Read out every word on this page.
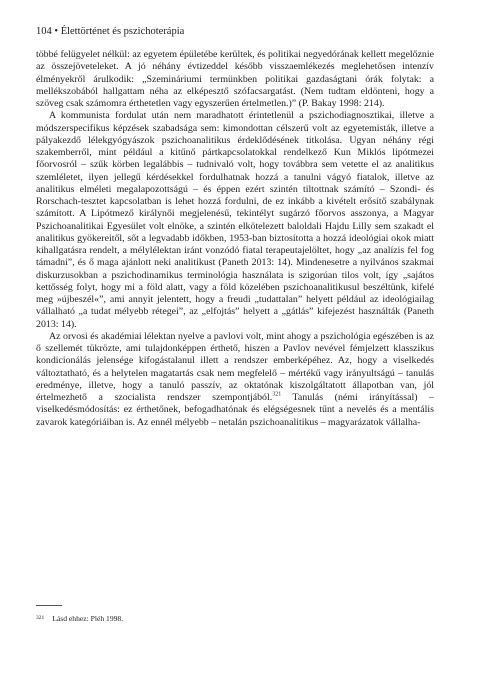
104 • Élettörténet és pszichoterápia

többé felügyelet nélkül: az egyetem épületébe kerültek, és politikai negyedórának kellett megelőznie az összejöveteleket. A jó néhány évtizeddel később visszaemlékezés meglehetősen intenzív élményekről árulkodik: „Szemináriumi termünkben politikai gazdaságtani órák folytak: a mellékszobából hallgattam néha az elképesztő szófacsargatást. (Nem tudtam eldönteni, hogy a szöveg csak számomra érthetetlen vagy egyszerűen értelmetlen.)” (P. Bakay 1998: 214).

A kommunista fordulat után nem maradhatott érintetlenül a pszichodiagnosztikai, illetve a módszerspecifikus képzések szabadsága sem: kimondottan célszerű volt az egyetemisták, illetve a pályakezdő lélekgyógyászok pszichoanalitikus érdeklődésének titkolása. Ugyan néhány régi szakemberről, mint például a kitűnő pártkapcsolatokkal rendelkező Kun Miklós lipótmezei főorvosról – szűk körben legalábbis – tudnivaló volt, hogy továbbra sem vetette el az analitikus szemléletet, ilyen jellegű kérdésekkel fordulhatnak hozzá a tanulni vágyó fiatalok, illetve az analitikus elméleti megalapozottságú – és éppen ezért szintén tiltottnak számító – Szondi- és Rorschach-tesztet kapcsolatban is lehet hozzá fordulni, de ez inkább a kivételt erősítő szabálynak számított. A Lipótmező királynői megjelenésű, tekintélyt sugárzó főorvos asszonya, a Magyar Pszichoanalitikai Egyesület volt elnöke, a szintén elkötelezett baloldali Hajdu Lilly sem szakadt el analitikus gyökereitől, sőt a legvadabb időkben, 1953-ban biztosította a hozzá ideológiai okok miatt kihallgatásra rendelt, a mélylélektan iránt vonzódó fiatal terapeutajelöltet, hogy „az analízis fel fog támadni”, és ő maga ajánlott neki analitikust (Paneth 2013: 14). Mindenesetre a nyilvános szakmai diskurzusokban a pszichodinamikus terminológia használata is szigorúan tilos volt, így „sajátos kettősség folyt, hogy mi a föld alatt, vagy a föld közelében pszichoanalitikusul beszéltünk, kifelé meg »újbeszél«”, ami annyit jelentett, hogy a freudi „tudattalan” helyett például az ideológiailag vállalható „a tudat mélyebb rétegei”, az „elfojtás” helyett a „gátlás” kifejezést használták (Paneth 2013: 14).

Az orvosi és akadémiai lélektan nyelve a pavlovi volt, mint ahogy a pszichológia egészében is az ő szellemét tükrözte, ami tulajdonképpen érthető, hiszen a Pavlov nevével fémjelzett klasszikus kondicionálás jelensége kifogástalanul illett a rendszer emberképéhez. Az, hogy a viselkedés változtatható, és a helytelen magatartás csak nem megfelelő – mértékű vagy irányultságú – tanulás eredménye, illetve, hogy a tanuló passzív, az oktatónak kiszolgáltatott állapotban van, jól értelmezhető a szocialista rendszer szempontjából.$^{321}$ Tanulás (némi irányítással) – viselkedésmódosítás: ez érthetőnek, befogadhatónak és elégségesnek tűnt a nevelés és a mentális zavarok kategóriáiban is. Az ennél mélyebb – netalán pszichoanalitikus – magyarázatok vállalha-

$^{321}$ Lásd ehhez: Pléh 1998.
